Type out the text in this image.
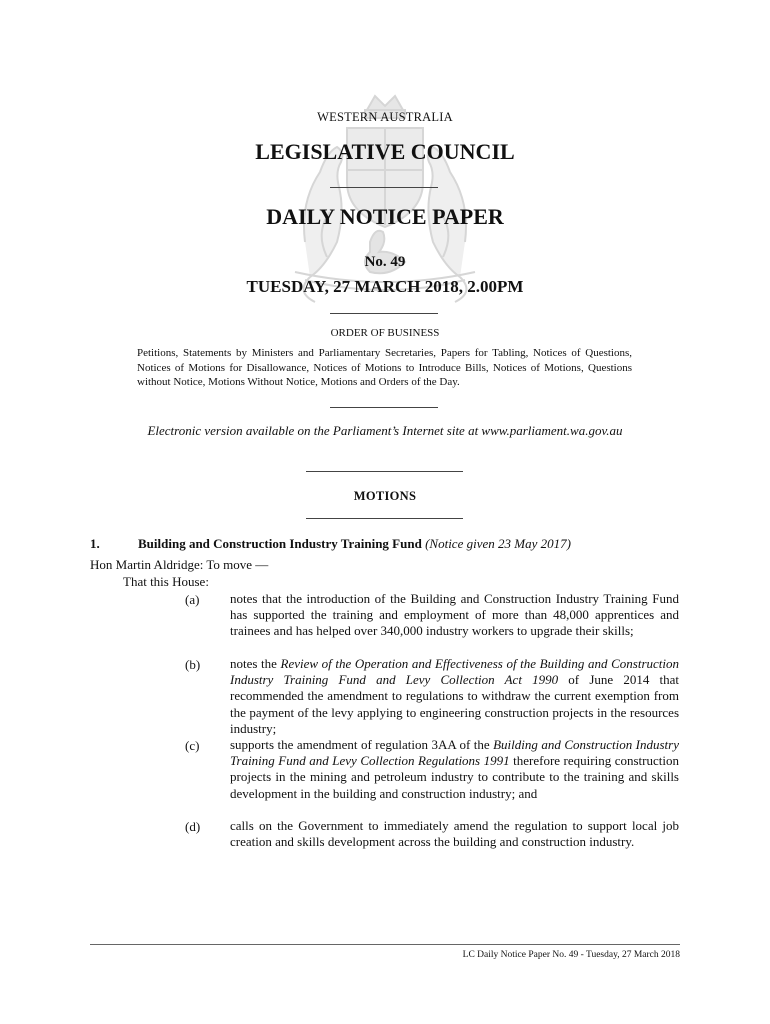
WESTERN AUSTRALIA
LEGISLATIVE COUNCIL
DAILY NOTICE PAPER
No. 49
TUESDAY, 27 MARCH 2018, 2.00PM
ORDER OF BUSINESS
Petitions, Statements by Ministers and Parliamentary Secretaries, Papers for Tabling, Notices of Questions, Notices of Motions for Disallowance, Notices of Motions to Introduce Bills, Notices of Motions, Questions without Notice, Motions Without Notice, Motions and Orders of the Day.
Electronic version available on the Parliament’s Internet site at www.parliament.wa.gov.au
MOTIONS
1.	Building and Construction Industry Training Fund (Notice given 23 May 2017)
Hon Martin Aldridge: To move —
That this House:
(a) notes that the introduction of the Building and Construction Industry Training Fund has supported the training and employment of more than 48,000 apprentices and trainees and has helped over 340,000 industry workers to upgrade their skills;
(b) notes the Review of the Operation and Effectiveness of the Building and Construction Industry Training Fund and Levy Collection Act 1990 of June 2014 that recommended the amendment to regulations to withdraw the current exemption from the payment of the levy applying to engineering construction projects in the resources industry;
(c) supports the amendment of regulation 3AA of the Building and Construction Industry Training Fund and Levy Collection Regulations 1991 therefore requiring construction projects in the mining and petroleum industry to contribute to the training and skills development in the building and construction industry; and
(d) calls on the Government to immediately amend the regulation to support local job creation and skills development across the building and construction industry.
LC Daily Notice Paper No. 49 - Tuesday, 27 March 2018
